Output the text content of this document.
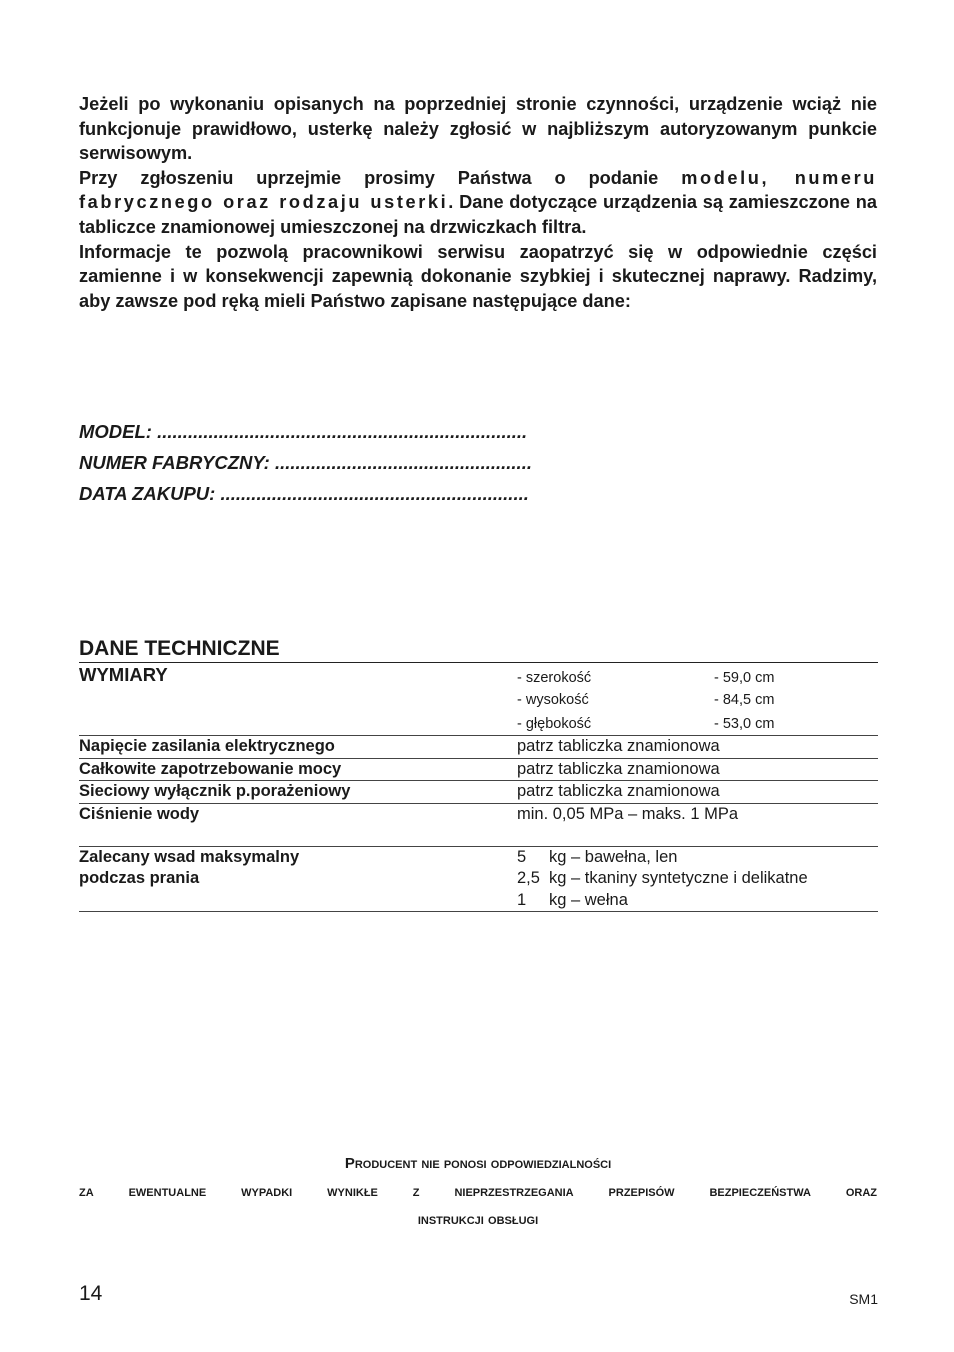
Jeżeli po wykonaniu opisanych na poprzedniej stronie czynności, urządzenie wciąż nie funkcjonuje prawidłowo, usterkę należy zgłosić w najbliższym autoryzowanym punkcie serwisowym.

Przy zgłoszeniu uprzejmie prosimy Państwa o podanie modelu, numeru fabrycznego oraz rodzaju usterki. Dane dotyczące urządzenia są zamieszczone na tabliczce znamionowej umieszczonej na drzwiczkach filtra.

Informacje te pozwolą pracownikowi serwisu zaopatrzyć się w odpowiednie części zamienne i w konsekwencji zapewnią dokonanie szybkiej i skutecznej naprawy. Radzimy, aby zawsze pod ręką mieli Państwo zapisane następujące dane:

MODEL: ........................................................................
NUMER FABRYCZNY: ..................................................
DATA ZAKUPU: ............................................................
DANE TECHNICZNE
WYMIARY	- szerokość	- 59,0 cm
- wysokość	- 84,5 cm
- głębokość	- 53,0 cm
Napięcie zasilania elektrycznego	patrz tabliczka znamionowa
Całkowite zapotrzebowanie mocy	patrz tabliczka znamionowa
Sieciowy wyłącznik p.porażeniowy	patrz tabliczka znamionowa
Ciśnienie wody	min. 0,05 MPa – maks. 1 MPa
Zalecany wsad maksymalny
podczas prania
5	kg – bawełna, len
2,5 kg – tkaniny syntetyczne i delikatne
1	kg – wełna
Producent nie ponosi odpowiedzialności
za ewentualne wypadki wynikłe z nieprzestrzegania przepisów bezpieczeństwa oraz
instrukcji obsługi
14	SM1
